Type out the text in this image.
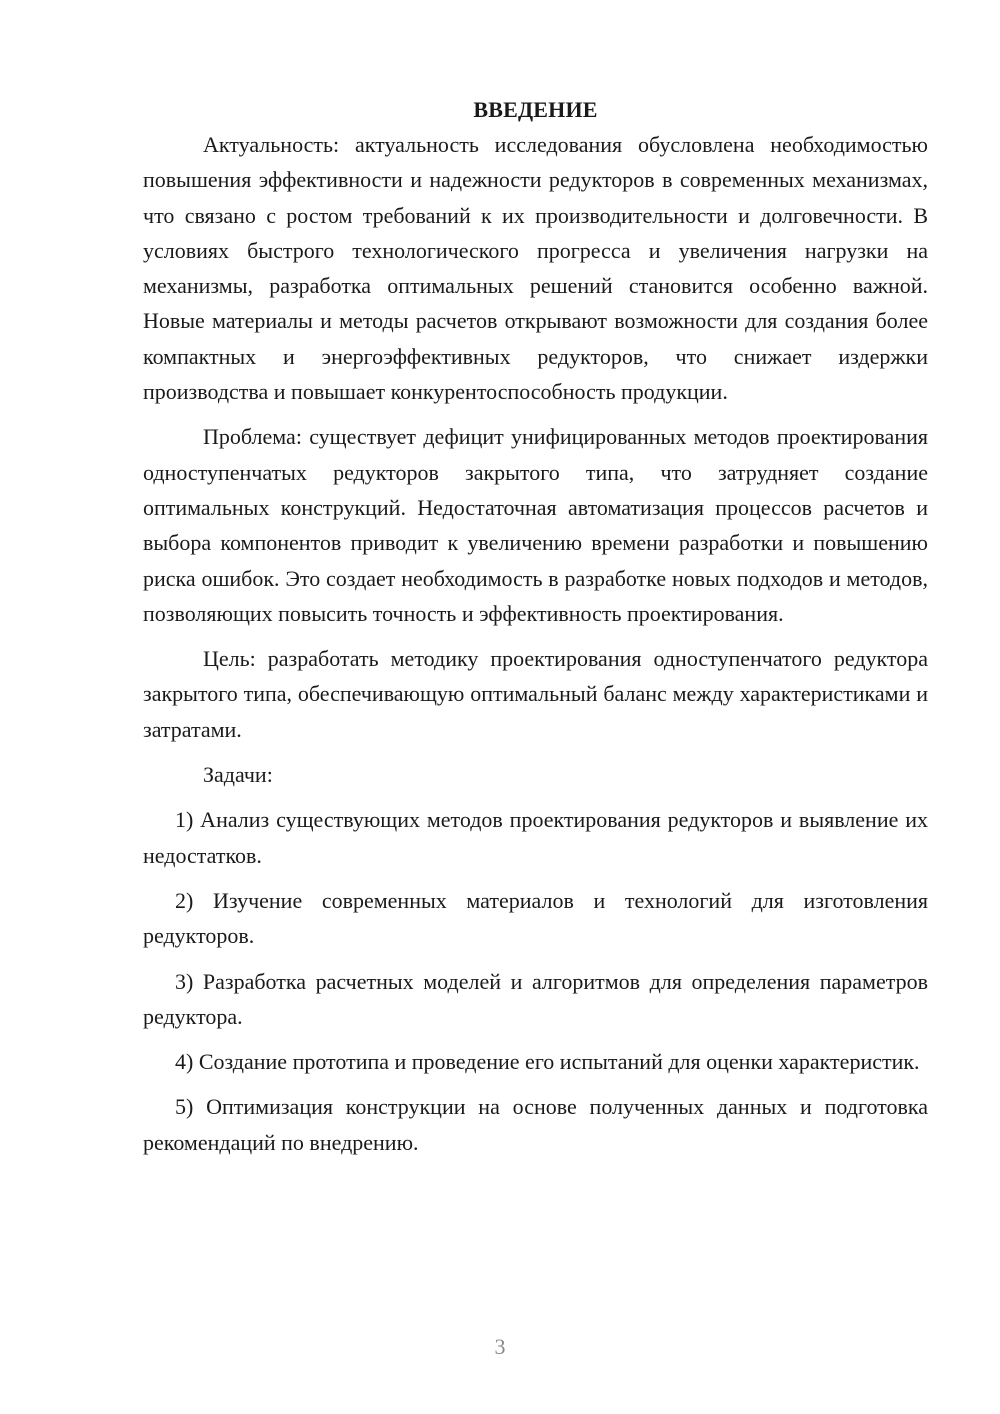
ВВЕДЕНИЕ

Актуальность: актуальность исследования обусловлена необходимостью повышения эффективности и надежности редукторов в современных механизмах, что связано с ростом требований к их производительности и долговечности. В условиях быстрого технологического прогресса и увеличения нагрузки на механизмы, разработка оптимальных решений становится особенно важной. Новые материалы и методы расчетов открывают возможности для создания более компактных и энергоэффективных редукторов, что снижает издержки производства и повышает конкурентоспособность продукции.

Проблема: существует дефицит унифицированных методов проектирования одноступенчатых редукторов закрытого типа, что затрудняет создание оптимальных конструкций. Недостаточная автоматизация процессов расчетов и выбора компонентов приводит к увеличению времени разработки и повышению риска ошибок. Это создает необходимость в разработке новых подходов и методов, позволяющих повысить точность и эффективность проектирования.

Цель: разработать методику проектирования одноступенчатого редуктора закрытого типа, обеспечивающую оптимальный баланс между характеристиками и затратами.

Задачи:

1) Анализ существующих методов проектирования редукторов и выявление их недостатков.

2) Изучение современных материалов и технологий для изготовления редукторов.

3) Разработка расчетных моделей и алгоритмов для определения параметров редуктора.

4) Создание прототипа и проведение его испытаний для оценки характеристик.

5) Оптимизация конструкции на основе полученных данных и подготовка рекомендаций по внедрению.

3
